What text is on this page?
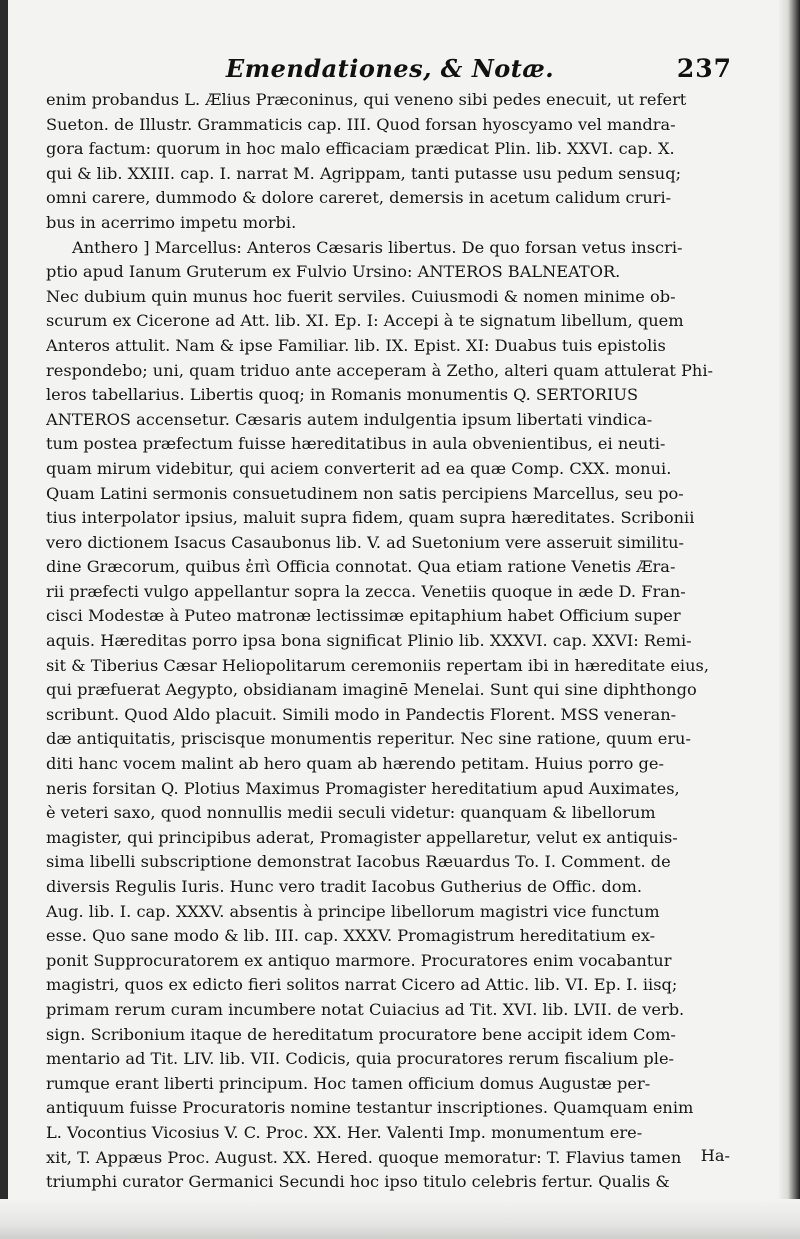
Emendationes, & Notæ.	237
enim probandus L. Ælius Præconinus, qui veneno sibi pedes enecuit, ut refert
Sueton. de Illustr. Grammaticis cap. III. Quod forsan hyoscyamo vel mandra-
gora factum: quorum in hoc malo efficaciam prædicat Plin. lib. XXVI. cap. X.
qui & lib. XXIII. cap. I. narrat M. Agrippam, tanti putasse usu pedum sensuq;
omni carere, dummodo & dolore careret, demersis in acetum calidum cruri-
bus in acerrimo impetu morbi.
Anthero ] Marcellus: Anteros Cæsaris libertus. De quo forsan vetus inscri-
ptio apud Ianum Gruterum ex Fulvio Ursino: ANTEROS BALNEATOR.
Nec dubium quin munus hoc fuerit serviles. Cuiusmodi & nomen minime ob-
scurum ex Cicerone ad Att. lib. XI. Ep. I: Accepi à te signatum libellum, quem
Anteros attulit. Nam & ipse Familiar. lib. IX. Epist. XI: Duabus tuis epistolis
respondebo; uni, quam triduo ante acceperam à Zetho, alteri quam attulerat Phi-
leros tabellarius. Libertis quoq; in Romanis monumentis Q. SERTORIUS
ANTEROS accensetur. Cæsaris autem indulgentia ipsum libertati vindica-
tum postea præfectum fuisse hæreditatibus in aula obvenientibus, ei neuti-
quam mirum videbitur, qui aciem converterit ad ea quæ Comp. CXX. monui.
Quam Latini sermonis consuetudinem non satis percipiens Marcellus, seu po-
tius interpolator ipsius, maluit supra fidem, quam supra hæreditates. Scribonii
vero dictionem Isacus Casaubonus lib. V. ad Suetonium vere asseruit similitu-
dine Græcorum, quibus ἐπὶ Officia connotat. Qua etiam ratione Venetis Æra-
rii præfecti vulgo appellantur sopra la zecca. Venetiis quoque in æde D. Fran-
cisci Modestæ à Puteo matronæ lectissimæ epitaphium habet Officium super
aquis. Hæreditas porro ipsa bona significat Plinio lib. XXXVI. cap. XXVI: Remi-
sit & Tiberius Cæsar Heliopolitarum ceremoniis repertam ibi in hæreditate eius,
qui præfuerat Aegypto, obsidianam imaginē Menelai. Sunt qui sine diphthongo
scribunt. Quod Aldo placuit. Simili modo in Pandectis Florent. MSS veneran-
dæ antiquitatis, priscisque monumentis reperitur. Nec sine ratione, quum eru-
diti hanc vocem malint ab hero quam ab hærendo petitam. Huius porro ge-
neris forsitan Q. Plotius Maximus Promagister hereditatium apud Auximates,
è veteri saxo, quod nonnullis medii seculi videtur: quanquam & libellorum
magister, qui principibus aderat, Promagister appellaretur, velut ex antiquis-
sima libelli subscriptione demonstrat Iacobus Ræuardus To. I. Comment. de
diversis Regulis Iuris. Hunc vero tradit Iacobus Gutherius de Offic. dom.
Aug. lib. I. cap. XXXV. absentis à principe libellorum magistri vice functum
esse. Quo sane modo & lib. III. cap. XXXV. Promagistrum hereditatium ex-
ponit Supprocuratorem ex antiquo marmore. Procuratores enim vocabantur
magistri, quos ex edicto fieri solitos narrat Cicero ad Attic. lib. VI. Ep. I. iisq;
primam rerum curam incumbere notat Cuiacius ad Tit. XVI. lib. LVII. de verb.
sign. Scribonium itaque de hereditatum procuratore bene accipit idem Com-
mentario ad Tit. LIV. lib. VII. Codicis, quia procuratores rerum fiscalium ple-
rumque erant liberti principum. Hoc tamen officium domus Augustæ per-
antiquum fuisse Procuratoris nomine testantur inscriptiones. Quamquam enim
L. Vocontius Vicosius V. C. Proc. XX. Her. Valenti Imp. monumentum ere-
xit, T. Appæus Proc. August. XX. Hered. quoque memoratur: T. Flavius tamen
triumphi curator Germanici Secundi hoc ipso titulo celebris fertur. Qualis &
Ha-
